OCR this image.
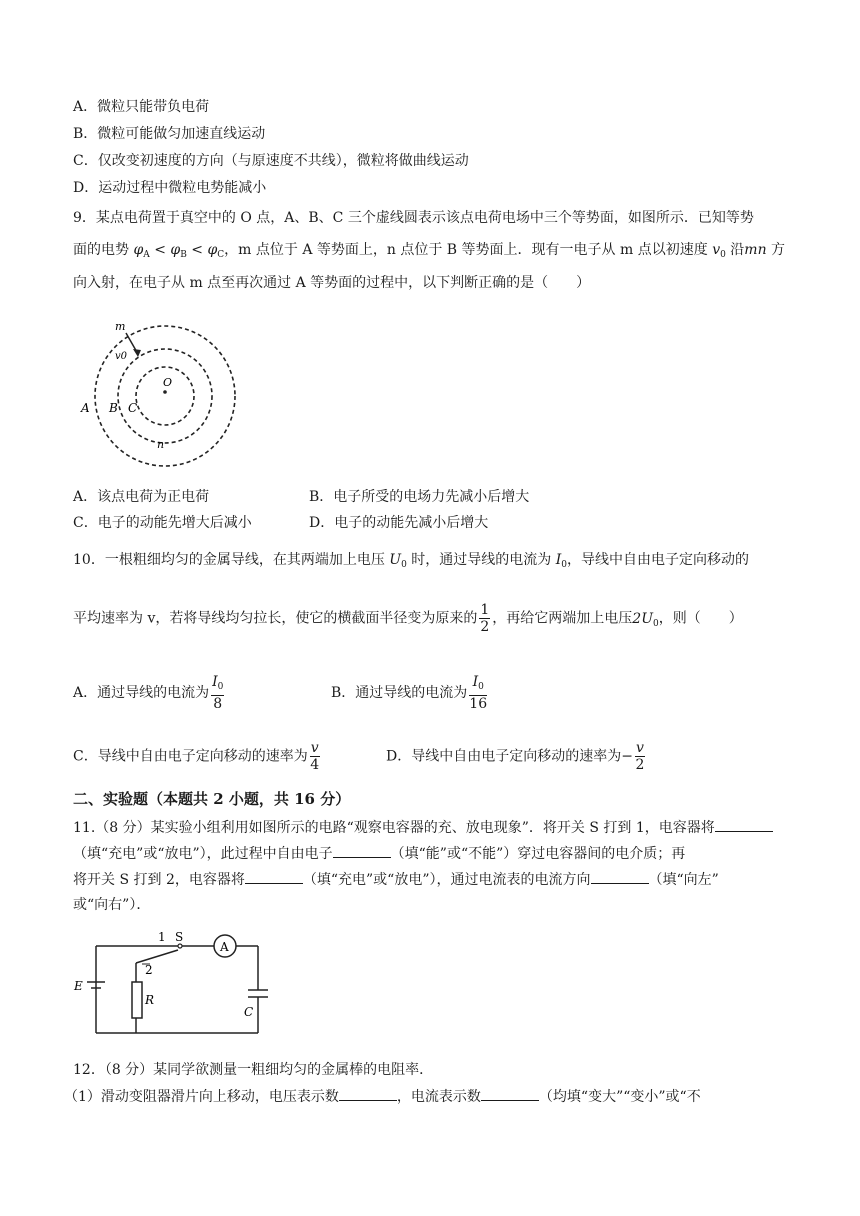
A．微粒只能带负电荷
B．微粒可能做匀加速直线运动
C．仅改变初速度的方向（与原速度不共线），微粒将做曲线运动
D．运动过程中微粒电势能减小
9．某点电荷置于真空中的 O 点，A、B、C 三个虚线圆表示该点电荷电场中三个等势面，如图所示．已知等势
面的电势 $\varphi_A < \varphi_B < \varphi_C$，m 点位于 A 等势面上，n 点位于 B 等势面上．现有一电子从 m 点以初速度 $v_0$ 沿mn 方
向入射，在电子从 m 点至再次通过 A 等势面的过程中，以下判断正确的是（　　）
m
v0
O
A B C
n
A．该点电荷为正电荷	B．电子所受的电场力先减小后增大
C．电子的动能先增大后减小	D．电子的动能先减小后增大
10．一根粗细均匀的金属导线，在其两端加上电压 $U_0$ 时，通过导线的电流为 $I_0$，导线中自由电子定向移动的
平均速率为 v，若将导线均匀拉长，使它的横截面半径变为原来的 $\frac{1}{2}$ ，再给它两端加上电压$2U_0$，则（　　）
A．通过导线的电流为 $\frac{I_0}{8}$	B．通过导线的电流为 $\frac{I_0}{16}$
C．导线中自由电子定向移动的速率为 $\frac{v}{4}$	D．导线中自由电子定向移动的速率为− $\frac{v}{2}$
二、实验题（本题共 2 小题，共 16 分）
11.（8 分）某实验小组利用如图所示的电路“观察电容器的充、放电现象”．将开关 S 打到 1，电容器将
（填“充电”或“放电”），此过程中自由电子	（填“能”或“不能”）穿过电容器间的电介质；再
将开关 S 打到 2，电容器将	（填“充电”或“放电”），通过电流表的电流方向	（填“向左”
或“向右”）．
1
2
S
A
E
R
C
12．（8 分）某同学欲测量一粗细均匀的金属棒的电阻率．
（1）滑动变阻器滑片向上移动，电压表示数	，电流表示数	（均填“变大”“变小”或“不
